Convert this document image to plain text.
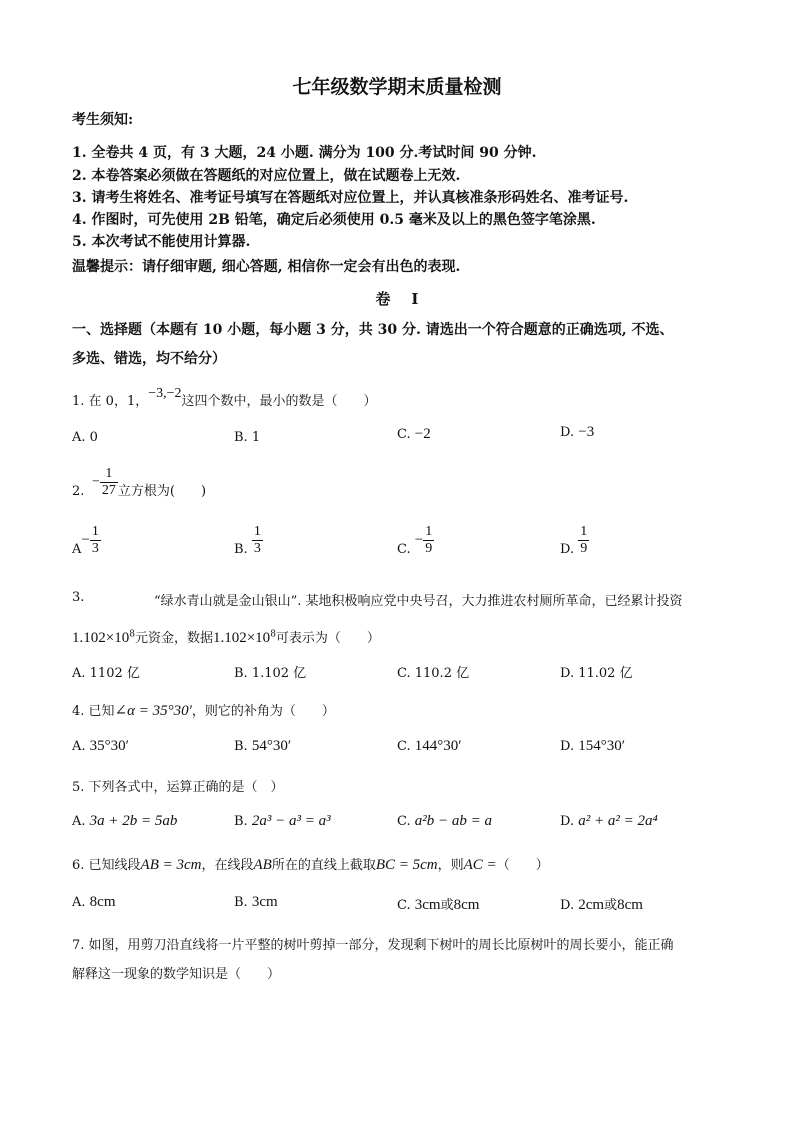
七年级数学期末质量检测
考生须知:
1. 全卷共 4 页，有 3 大题，24 小题. 满分为 100 分.考试时间 90 分钟.
2. 本卷答案必须做在答题纸的对应位置上，做在试题卷上无效.
3. 请考生将姓名、准考证号填写在答题纸对应位置上，并认真核准条形码姓名、准考证号.
4. 作图时，可先使用 2B 铅笔，确定后必须使用 0.5 毫米及以上的黑色签字笔涂黑.
5. 本次考试不能使用计算器.
温馨提示：请仔细审题, 细心答题, 相信你一定会有出色的表现.
卷    Ⅰ
一、选择题（本题有 10 小题，每小题 3 分，共 30 分. 请选出一个符合题意的正确选项, 不选、
多选、错选，均不给分）
1. 在 0，1，−3,−2这四个数中，最小的数是（　　）
A. 0	B. 1	C. −2	D. −3
$2.- \frac{1}{27}$ 立方根为(　　)
$A- \frac{1}{3}$	B. $\frac{1}{3}$	C. − $\frac{1}{9}$	D. $\frac{1}{9}$
3.	“绿水青山就是金山银山”. 某地积极响应党中央号召，大力推进农村厕所革命，已经累计投资
$1.102\times 10^8$元资金，数据$1.102\times 10^8$可表示为（　　）
A. 1102 亿	B. 1.102 亿	C. 110.2 亿	D. 11.02 亿
4. 已知∠α = 35°30′，则它的补角为（　　）
A. 35°30′	B. 54°30′	C. 144°30′	D. 154°30′
5. 下列各式中，运算正确的是（　）
A. 3a + 2b = 5ab	B. 2a³ − a³ = a³	C. a²b − ab = a	D. a² + a² = 2a⁴
6. 已知线段AB = 3cm，在线段AB所在的直线上截取BC = 5cm，则AC =（　　）
A. 8cm	B. 3cm	C. 3cm或8cm	D. 2cm或8cm
7. 如图，用剪刀沿直线将一片平整的树叶剪掉一部分，发现剩下树叶的周长比原树叶的周长要小，能正确
解释这一现象的数学知识是（　　）
